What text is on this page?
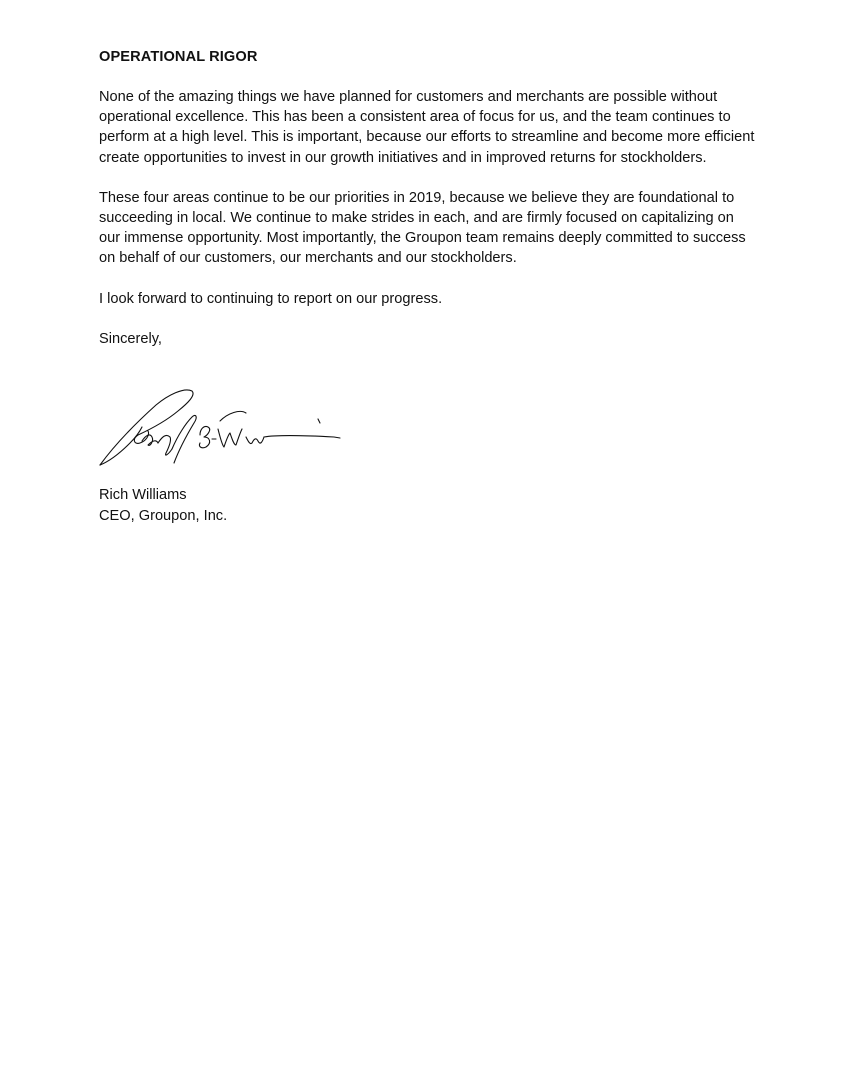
OPERATIONAL RIGOR

None of the amazing things we have planned for customers and merchants are possible without operational excellence. This has been a consistent area of focus for us, and the team continues to perform at a high level. This is important, because our efforts to streamline and become more efficient create opportunities to invest in our growth initiatives and in improved returns for stockholders.

These four areas continue to be our priorities in 2019, because we believe they are foundational to succeeding in local. We continue to make strides in each, and are firmly focused on capitalizing on our immense opportunity. Most importantly, the Groupon team remains deeply committed to success on behalf of our customers, our merchants and our stockholders.

I look forward to continuing to report on our progress.

Sincerely,

Rich Williams
CEO, Groupon, Inc.
